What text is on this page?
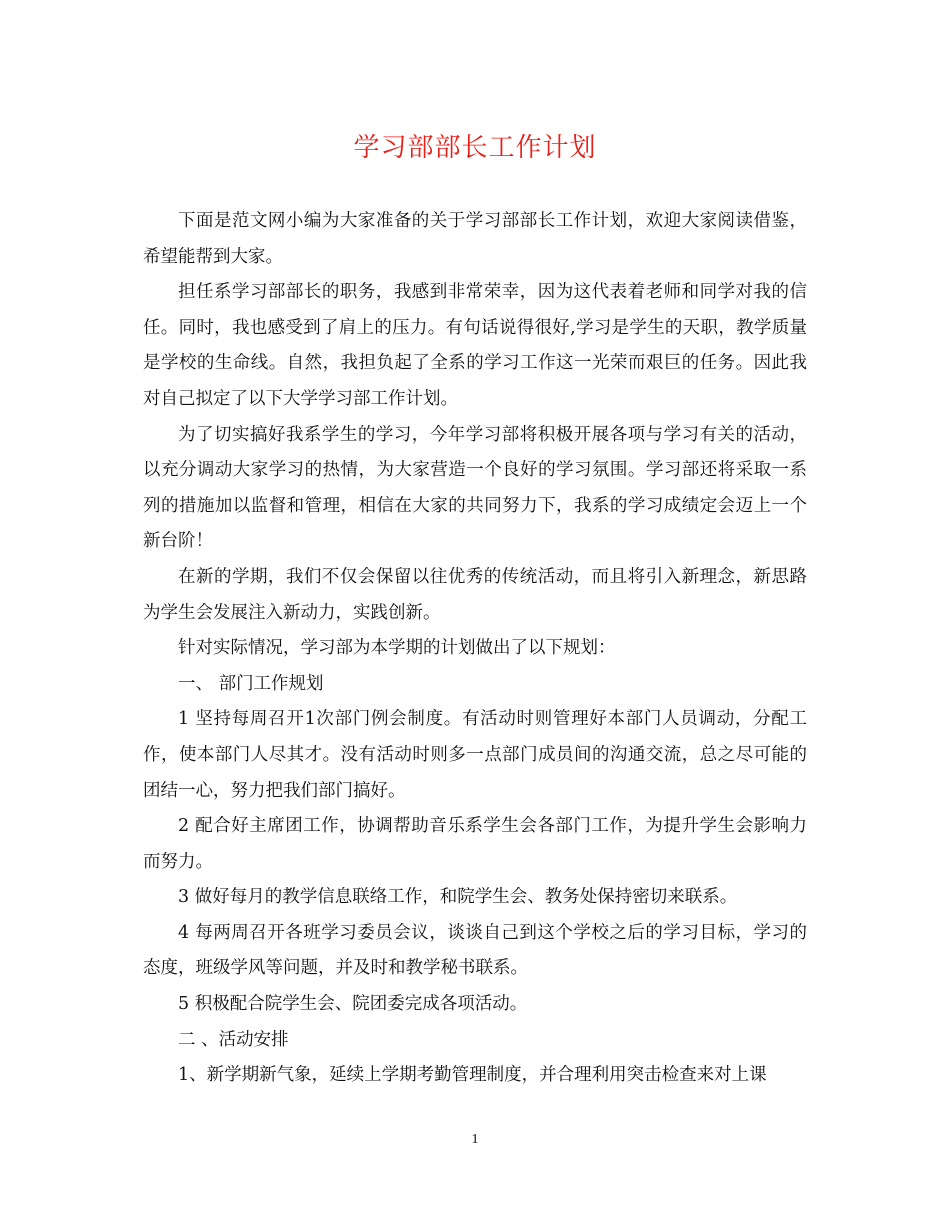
学习部部长工作计划

下面是范文网小编为大家准备的关于学习部部长工作计划，欢迎大家阅读借鉴，希望能帮到大家。

担任系学习部部长的职务，我感到非常荣幸，因为这代表着老师和同学对我的信任。同时，我也感受到了肩上的压力。有句话说得很好,学习是学生的天职，教学质量是学校的生命线。自然，我担负起了全系的学习工作这一光荣而艰巨的任务。因此我对自己拟定了以下大学学习部工作计划。

为了切实搞好我系学生的学习，今年学习部将积极开展各项与学习有关的活动，以充分调动大家学习的热情，为大家营造一个良好的学习氛围。学习部还将采取一系列的措施加以监督和管理，相信在大家的共同努力下，我系的学习成绩定会迈上一个新台阶！

在新的学期，我们不仅会保留以往优秀的传统活动，而且将引入新理念，新思路为学生会发展注入新动力，实践创新。

针对实际情况，学习部为本学期的计划做出了以下规划：

一、 部门工作规划

1 坚持每周召开1次部门例会制度。有活动时则管理好本部门人员调动，分配工作，使本部门人尽其才。没有活动时则多一点部门成员间的沟通交流，总之尽可能的团结一心，努力把我们部门搞好。

2 配合好主席团工作，协调帮助音乐系学生会各部门工作，为提升学生会影响力而努力。

3 做好每月的教学信息联络工作，和院学生会、教务处保持密切来联系。

4 每两周召开各班学习委员会议，谈谈自己到这个学校之后的学习目标，学习的态度，班级学风等问题，并及时和教学秘书联系。

5 积极配合院学生会、院团委完成各项活动。

二 、活动安排

1、新学期新气象，延续上学期考勤管理制度，并合理利用突击检查来对上课

1
